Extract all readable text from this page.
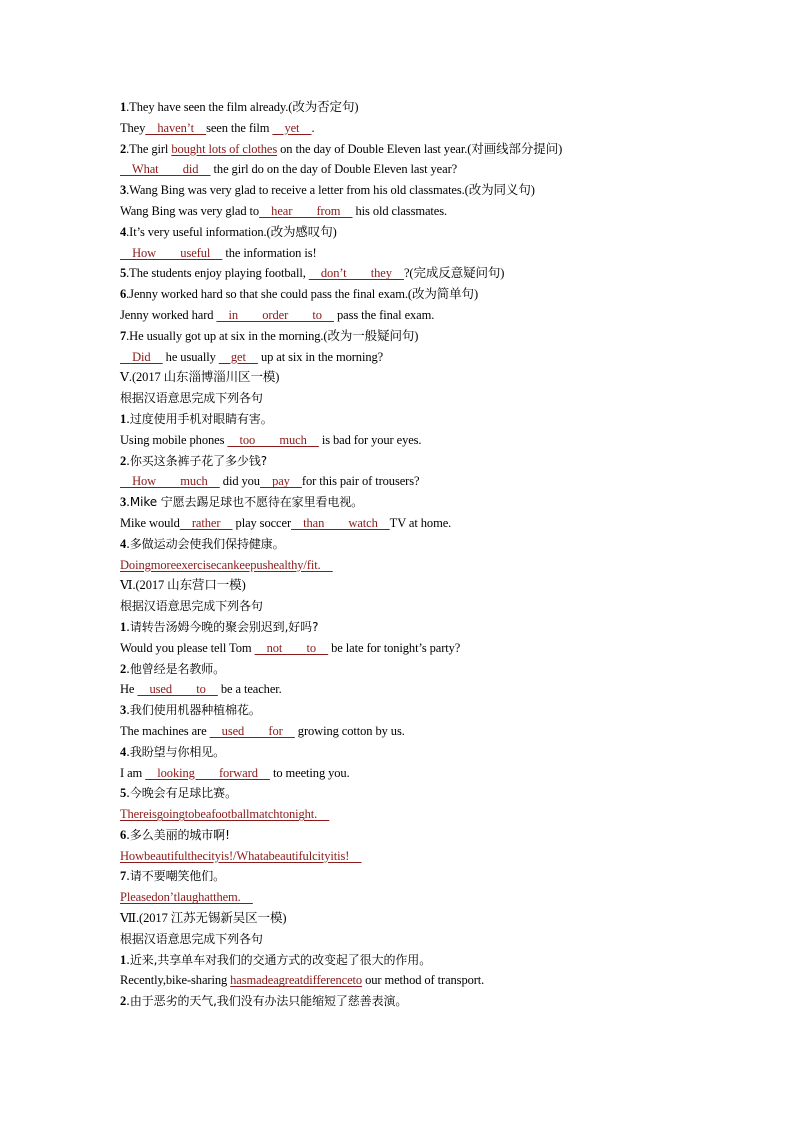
1.They have seen the film already.(改为否定句)
They    haven’t    seen the film     yet    .
2.The girl bought lots of clothes on the day of Double Eleven last year.(对画线部分提问)
What        did     the girl do on the day of Double Eleven last year?
3.Wang Bing was very glad to receive a letter from his old classmates.(改为同义句)
Wang Bing was very glad to    hear        from     his old classmates.
4.It’s very useful information.(改为感叹句)
How        useful     the information is!
5.The students enjoy playing football,     don’t        they    ?(完成反意疑问句)
6.Jenny worked hard so that she could pass the final exam.(改为简单句)
Jenny worked hard     in        order        to     pass the final exam.
7.He usually got up at six in the morning.(改为一般疑问句)
Did     he usually     get     up at six in the morning?
Ⅴ.(2017 山东淄博淄川区一模)
根据汉语意思完成下列各句
1.过度使用手机对眼睛有害。
Using mobile phones     too        much     is bad for your eyes.
2.你买这条裤子花了多少钱?
How        much     did you    pay    for this pair of trousers?
3.Mike 宁愿去踢足球也不愿待在家里看电视。
Mike would    rather     play soccer    than        watch    TV at home.
4.多做运动会使我们保持健康。
Doingmoreexercisecankeepushealthy/fit.
Ⅵ.(2017 山东营口一模)
根据汉语意思完成下列各句
1.请转告汤姆今晚的聚会别迟到,好吗?
Would you please tell Tom     not        to     be late for tonight’s party?
2.他曾经是名教师。
He     used        to     be a teacher.
3.我们使用机器种植棉花。
The machines are     used        for     growing cotton by us.
4.我盼望与你相见。
I am     looking        forward     to meeting you.
5.今晚会有足球比赛。
Thereisgoingtobeafootballmatchtonight.
6.多么美丽的城市啊!
Howbeautifulthecityis!/Whatabeautifulcityitis!
7.请不要嘲笑他们。
Pleasedon’tlaughatthem.
Ⅶ.(2017 江苏无锡新吴区一模)
根据汉语意思完成下列各句
1.近来,共享单车对我们的交通方式的改变起了很大的作用。
Recently,bike-sharing hasmadeagreatdifferenceto our method of transport.
2.由于恶劣的天气,我们没有办法只能缩短了慈善表演。
